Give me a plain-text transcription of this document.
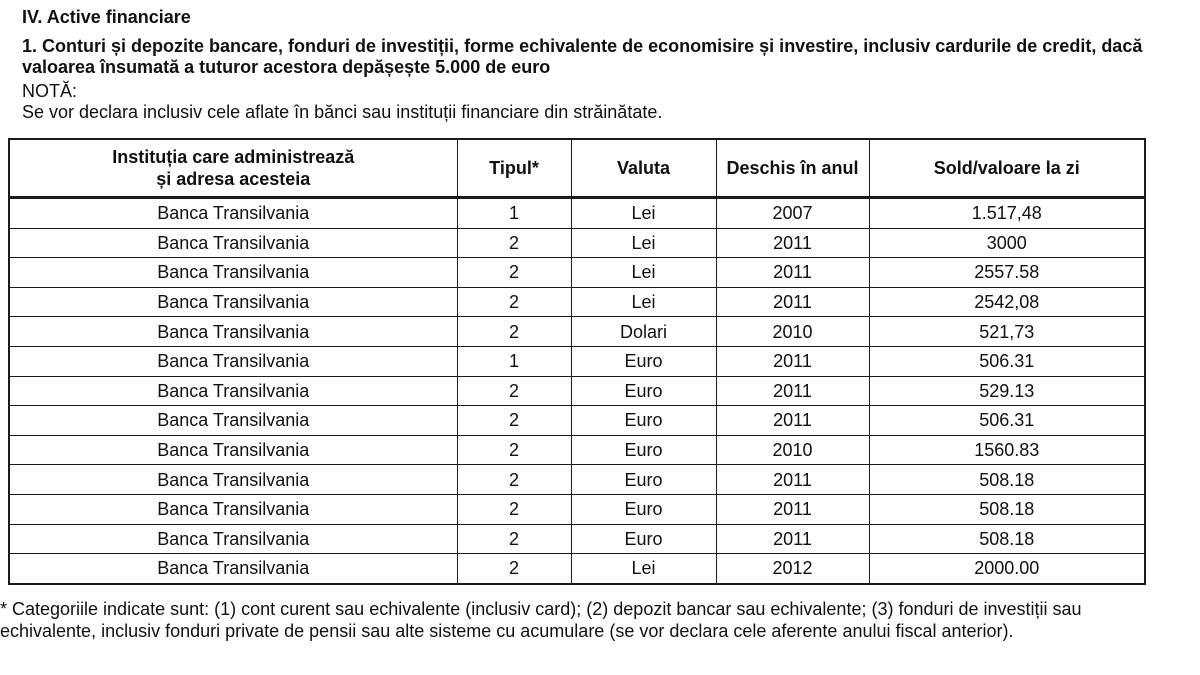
IV. Active financiare

1. Conturi și depozite bancare, fonduri de investiții, forme echivalente de economisire și investire, inclusiv cardurile de credit, dacă valoarea însumată a tuturor acestora depășește 5.000 de euro

NOTĂ:

Se vor declara inclusiv cele aflate în bănci sau instituții financiare din străinătate.

Instituția care administrează
și adresa acesteia	Tipul*	Valuta	Deschis în anul	Sold/valoare la zi
Banca Transilvania	1	Lei	2007	1.517,48
Banca Transilvania	2	Lei	2011	3000
Banca Transilvania	2	Lei	2011	2557.58
Banca Transilvania	2	Lei	2011	2542,08
Banca Transilvania	2	Dolari	2010	521,73
Banca Transilvania	1	Euro	2011	506.31
Banca Transilvania	2	Euro	2011	529.13
Banca Transilvania	2	Euro	2011	506.31
Banca Transilvania	2	Euro	2010	1560.83
Banca Transilvania	2	Euro	2011	508.18
Banca Transilvania	2	Euro	2011	508.18
Banca Transilvania	2	Euro	2011	508.18
Banca Transilvania	2	Lei	2012	2000.00

* Categoriile indicate sunt: (1) cont curent sau echivalente (inclusiv card); (2) depozit bancar sau echivalente; (3) fonduri de investiții sau echivalente, inclusiv fonduri private de pensii sau alte sisteme cu acumulare (se vor declara cele aferente anului fiscal anterior).
